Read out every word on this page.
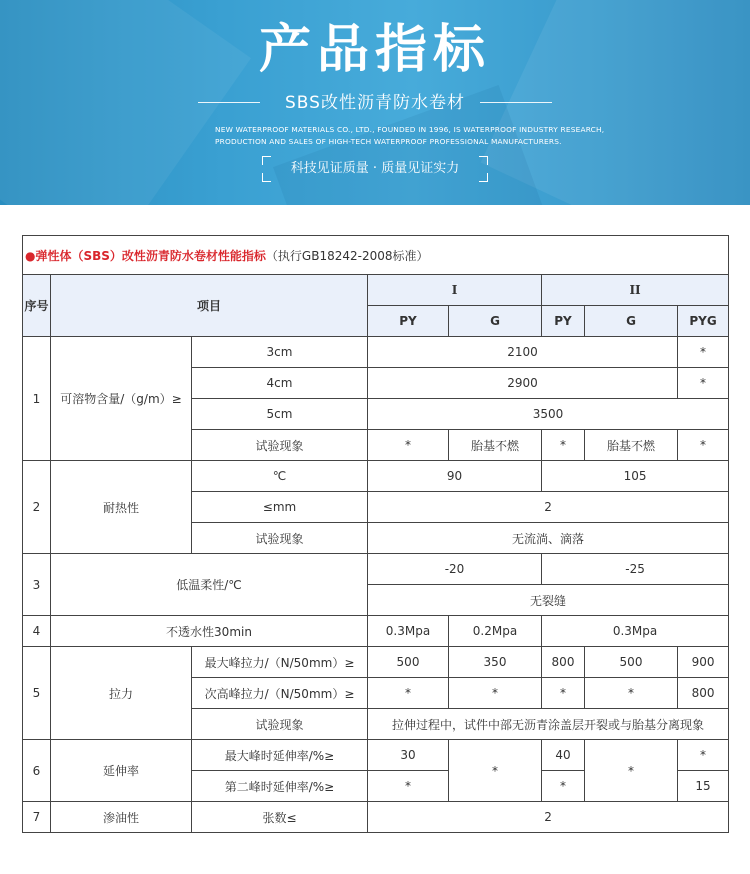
产品指标
SBS改性沥青防水卷材
NEW WATERPROOF MATERIALS CO., LTD., FOUNDED IN 1996, IS WATERPROOF INDUSTRY RESEARCH,
PRODUCTION AND SALES OF HIGH-TECH WATERPROOF PROFESSIONAL MANUFACTURERS.
科技见证质量 · 质量见证实力
●弹性体（SBS）改性沥青防水卷材性能指标（执行GB18242-2008标准）							
序号	项目		I		II		
			PY	G	PY	G	PYG
1	可溶物含量/（g/m）≥	3cm	2100				*
		4cm	2900				*
		5cm	3500				
		试验现象	*	胎基不燃	*	胎基不燃	*
2	耐热性	℃	90		105		
		≤mm	2				
		试验现象	无流淌、滴落				
3	低温柔性/℃		-20		-25		
			无裂缝				
4	不透水性30min		0.3Mpa	0.2Mpa	0.3Mpa		
5	拉力	最大峰拉力/（N/50mm）≥	500	350	800	500	900
		次高峰拉力/（N/50mm）≥	*	*	*	*	800
		试验现象	拉伸过程中，试件中部无沥青涂盖层开裂或与胎基分离现象				
6	延伸率	最大峰时延伸率/%≥	30	*	40	*	*
		第二峰时延伸率/%≥	*		*		15
7	渗油性	张数≤	2				
